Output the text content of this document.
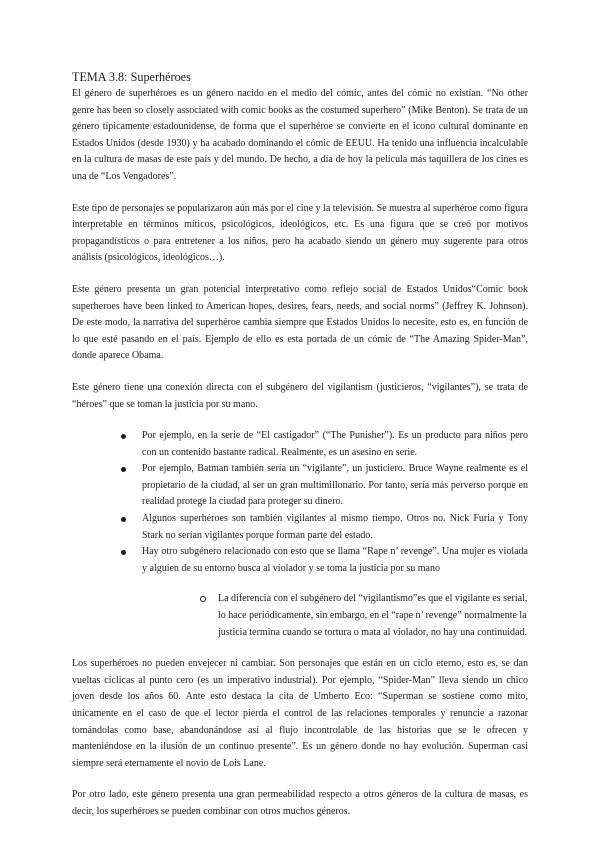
TEMA 3.8: Superhéroes

El género de superhéroes es un género nacido en el medio del cómic, antes del cómic no existían. “No other genre has been so closely associated with comic books as the costumed superhero” (Mike Benton). Se trata de un género típicamente estadounidense, de forma que el superhéroe se convierte en el icono cultural dominante en Estados Unidos (desde 1930) y ha acabado dominando el cómic de EEUU. Ha tenido una influencia incalculable en la cultura de masas de este país y del mundo. De hecho, a día de hoy la película más taquillera de los cines es una de “Los Vengadores”.

Este tipo de personajes se popularizaron aún más por el cine y la televisión. Se muestra al superhéroe como figura interpretable en términos míticos, psicológicos, ideológicos, etc. Es una figura que se creó por motivos propagandísticos o para entretener a los niños, pero ha acabado siendo un género muy sugerente para otros análisis (psicológicos, ideológicos…).

Este género presenta un gran potencial interpretativo como reflejo social de Estados Unidos“Comic book superheroes have been linked to American hopes, desires, fears, needs, and social norms” (Jeffrey K. Johnson). De este modo, la narrativa del superhéroe cambia siempre que Estados Unidos lo necesite, esto es, en función de lo que esté pasando en el país. Ejemplo de ello es esta portada de un cómic de “The Amazing Spider-Man”, donde aparece Obama.

Este género tiene una conexión directa con el subgénero del vigilantism (justicieros, “vigilantes”), se trata de “héroes” que se toman la justicia por su mano.

Por ejemplo, en la serie de “El castigador” (“The Punisher”). Es un producto para niños pero con un contenido bastante radical. Realmente, es un asesino en serie.
Por ejemplo, Batman también sería un “vigilante”, un justiciero. Bruce Wayne realmente es el propietario de la ciudad, al ser un gran multimillonario. Por tanto, sería más perverso porque en realidad protege la ciudad para proteger su dinero.
Algunos superhéroes son también vigilantes al mismo tiempo. Otros no. Nick Furia y Tony Stark no serían vigilantes porque forman parte del estado.
Hay otro subgénero relacionado con esto que se llama “Rape n’ revenge”. Una mujer es violada y alguien de su entorno busca al violador y se toma la justicia por su mano
La diferencia con el subgénero del “vigilantismo”es que el vigilante es serial, lo hace periódicamente, sin embargo, en el “rape n’ revenge” normalmente la justicia termina cuando se tortura o mata al violador, no hay una continuidad.

Los superhéroes no pueden envejecer ni cambiar. Son personajes que están en un ciclo eterno, esto es, se dan vueltas cíclicas al punto cero (es un imperativo industrial). Por ejemplo, “Spider-Man” lleva siendo un chico joven desde los años 60. Ante esto destaca la cita de Umberto Eco: “Superman se sostiene como mito, únicamente en el caso de que el lector pierda el control de las relaciones temporales y renuncie a razonar tomándolas como base, abandonándose así al flujo incontrolable de las historias que se le ofrecen y manteniéndose en la ilusión de un continuo presente”. Es un género donde no hay evolución. Superman casi siempre será eternamente el novio de Lois Lane.

Por otro lado, este género presenta una gran permeabilidad respecto a otros géneros de la cultura de masas, es decir, los superhéroes se pueden combinar con otros muchos géneros.
